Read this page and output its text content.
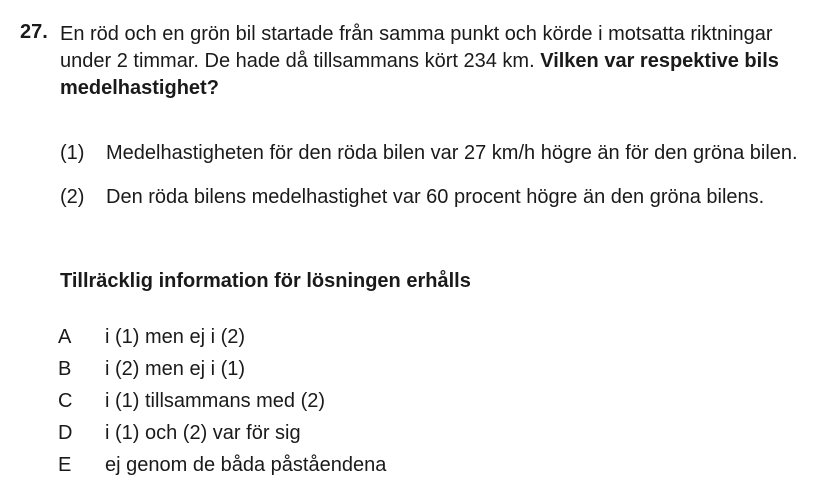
27. En röd och en grön bil startade från samma punkt och körde i motsatta riktningar under 2 timmar. De hade då tillsammans kört 234 km. Vilken var respektive bils medelhastighet?
(1) Medelhastigheten för den röda bilen var 27 km/h högre än för den gröna bilen.
(2) Den röda bilens medelhastighet var 60 procent högre än den gröna bilens.
Tillräcklig information för lösningen erhålls
A i (1) men ej i (2)
B i (2) men ej i (1)
C i (1) tillsammans med (2)
D i (1) och (2) var för sig
E ej genom de båda påståendena
